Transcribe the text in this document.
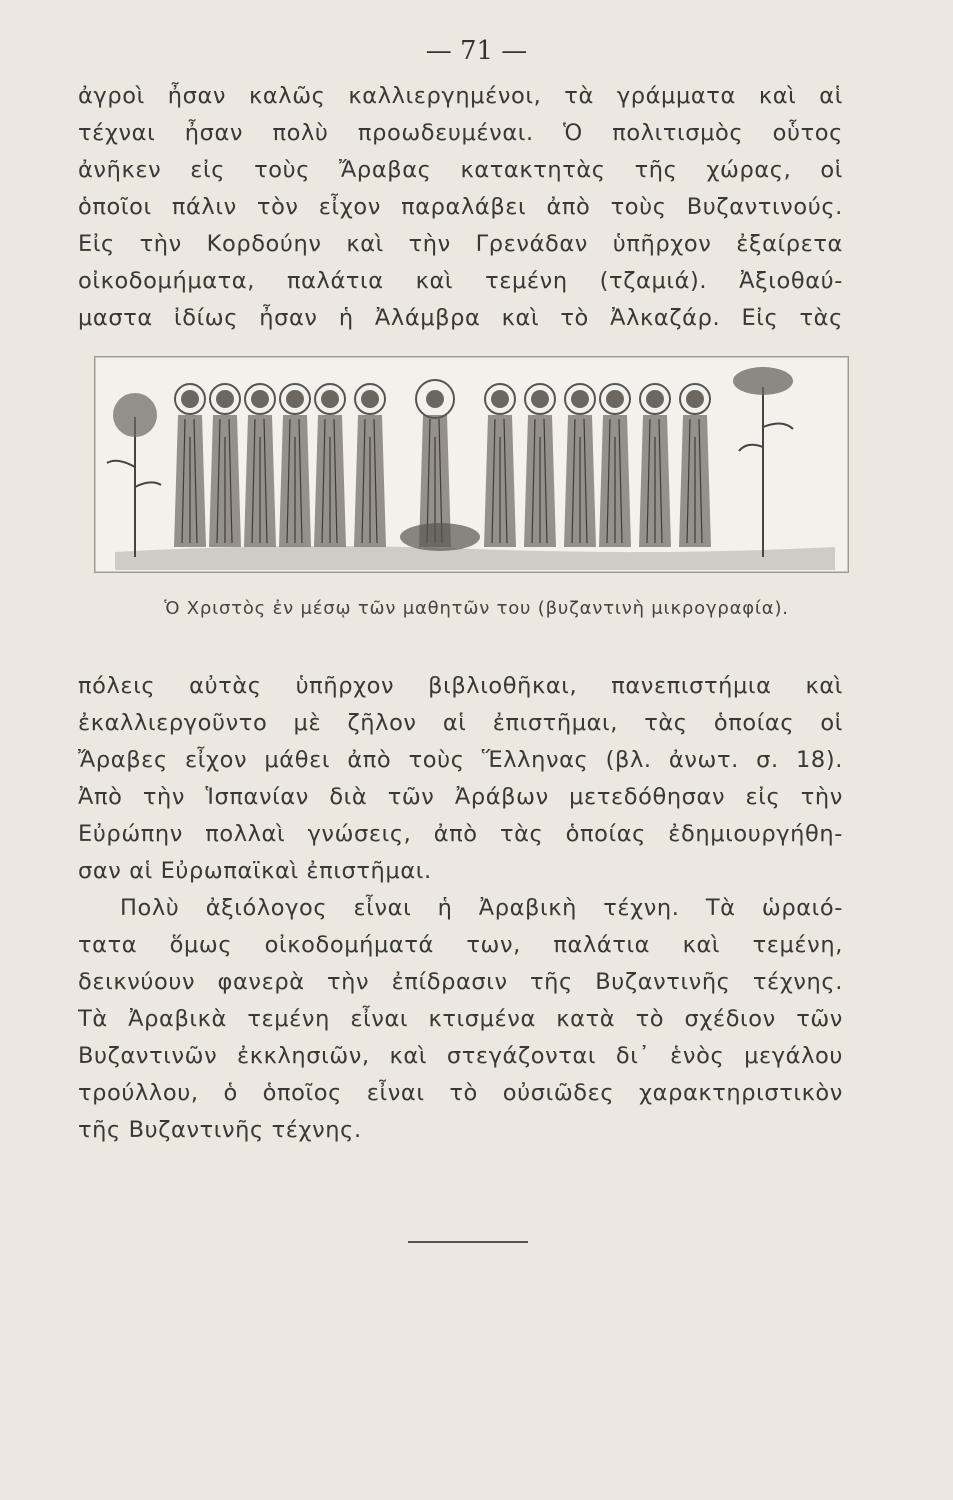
— 71 —
ἀγροὶ ἦσαν καλῶς καλλιεργημένοι, τὰ γράμματα καὶ αἱ
τέχναι ἦσαν πολὺ προωδευμέναι. Ὁ πολιτισμὸς οὗτος
ἀνῆκεν εἰς τοὺς Ἄραβας κατακτητὰς τῆς χώρας, οἱ
ὁποῖοι πάλιν τὸν εἶχον παραλάβει ἀπὸ τοὺς Βυζαντινούς.
Εἰς τὴν Κορδούην καὶ τὴν Γρενάδαν ὑπῆρχον ἐξαίρετα
οἰκοδομήματα, παλάτια καὶ τεμένη (τζαμιά). Ἀξιοθαύ-
μαστα ἰδίως ἦσαν ἡ Ἀλάμβρα καὶ τὸ Ἀλκαζάρ. Εἰς τὰς
Ὁ Χριστὸς ἐν μέσῳ τῶν μαθητῶν του (βυζαντινὴ μικρογραφία).
πόλεις αὐτὰς ὑπῆρχον βιβλιοθῆκαι, πανεπιστήμια καὶ
ἐκαλλιεργοῦντο μὲ ζῆλον αἱ ἐπιστῆμαι, τὰς ὁποίας οἱ
Ἄραβες εἶχον μάθει ἀπὸ τοὺς Ἕλληνας (βλ. ἀνωτ. σ. 18).
Ἀπὸ τὴν Ἱσπανίαν διὰ τῶν Ἀράβων μετεδόθησαν εἰς τὴν
Εὐρώπην πολλαὶ γνώσεις, ἀπὸ τὰς ὁποίας ἐδημιουργήθη-
σαν αἱ Εὐρωπαϊκαὶ ἐπιστῆμαι.
Πολὺ ἀξιόλογος εἶναι ἡ Ἀραβικὴ τέχνη. Τὰ ὡραιό-
τατα ὅμως οἰκοδομήματά των, παλάτια καὶ τεμένη,
δεικνύουν φανερὰ τὴν ἐπίδρασιν τῆς Βυζαντινῆς τέχνης.
Τὰ Ἀραβικὰ τεμένη εἶναι κτισμένα κατὰ τὸ σχέδιον τῶν
Βυζαντινῶν ἐκκλησιῶν, καὶ στεγάζονται δι᾽ ἑνὸς μεγάλου
τρούλλου, ὁ ὁποῖος εἶναι τὸ οὐσιῶδες χαρακτηριστικὸν
τῆς Βυζαντινῆς τέχνης.
